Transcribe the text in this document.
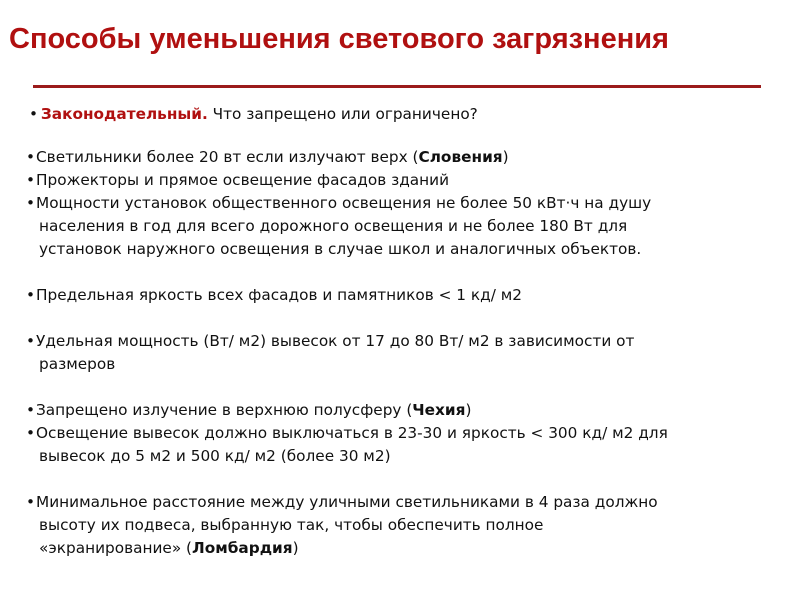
Способы уменьшения светового загрязнения
• Законодательный. Что запрещено или ограничено?
• Светильники более 20 вт если излучают верх (Словения)
• Прожекторы и прямое освещение фасадов зданий
• Мощности установок общественного освещения не более 50 кВт·ч на душу
населения в год для всего дорожного освещения и не более 180 Вт для
установок наружного освещения в случае школ и аналогичных объектов.
• Предельная яркость всех фасадов и памятников < 1 кд/ м2
• Удельная мощность (Вт/ м2) вывесок от 17 до 80 Вт/ м2 в зависимости от
размеров
• Запрещено излучение в верхнюю полусферу (Чехия)
• Освещение вывесок должно выключаться в 23-30 и яркость < 300 кд/ м2 для
вывесок до 5 м2 и 500 кд/ м2 (более 30 м2)
• Минимальное расстояние между уличными светильниками в 4 раза должно
высоту их подвеса, выбранную так, чтобы обеспечить полное
«экранирование» (Ломбардия)
